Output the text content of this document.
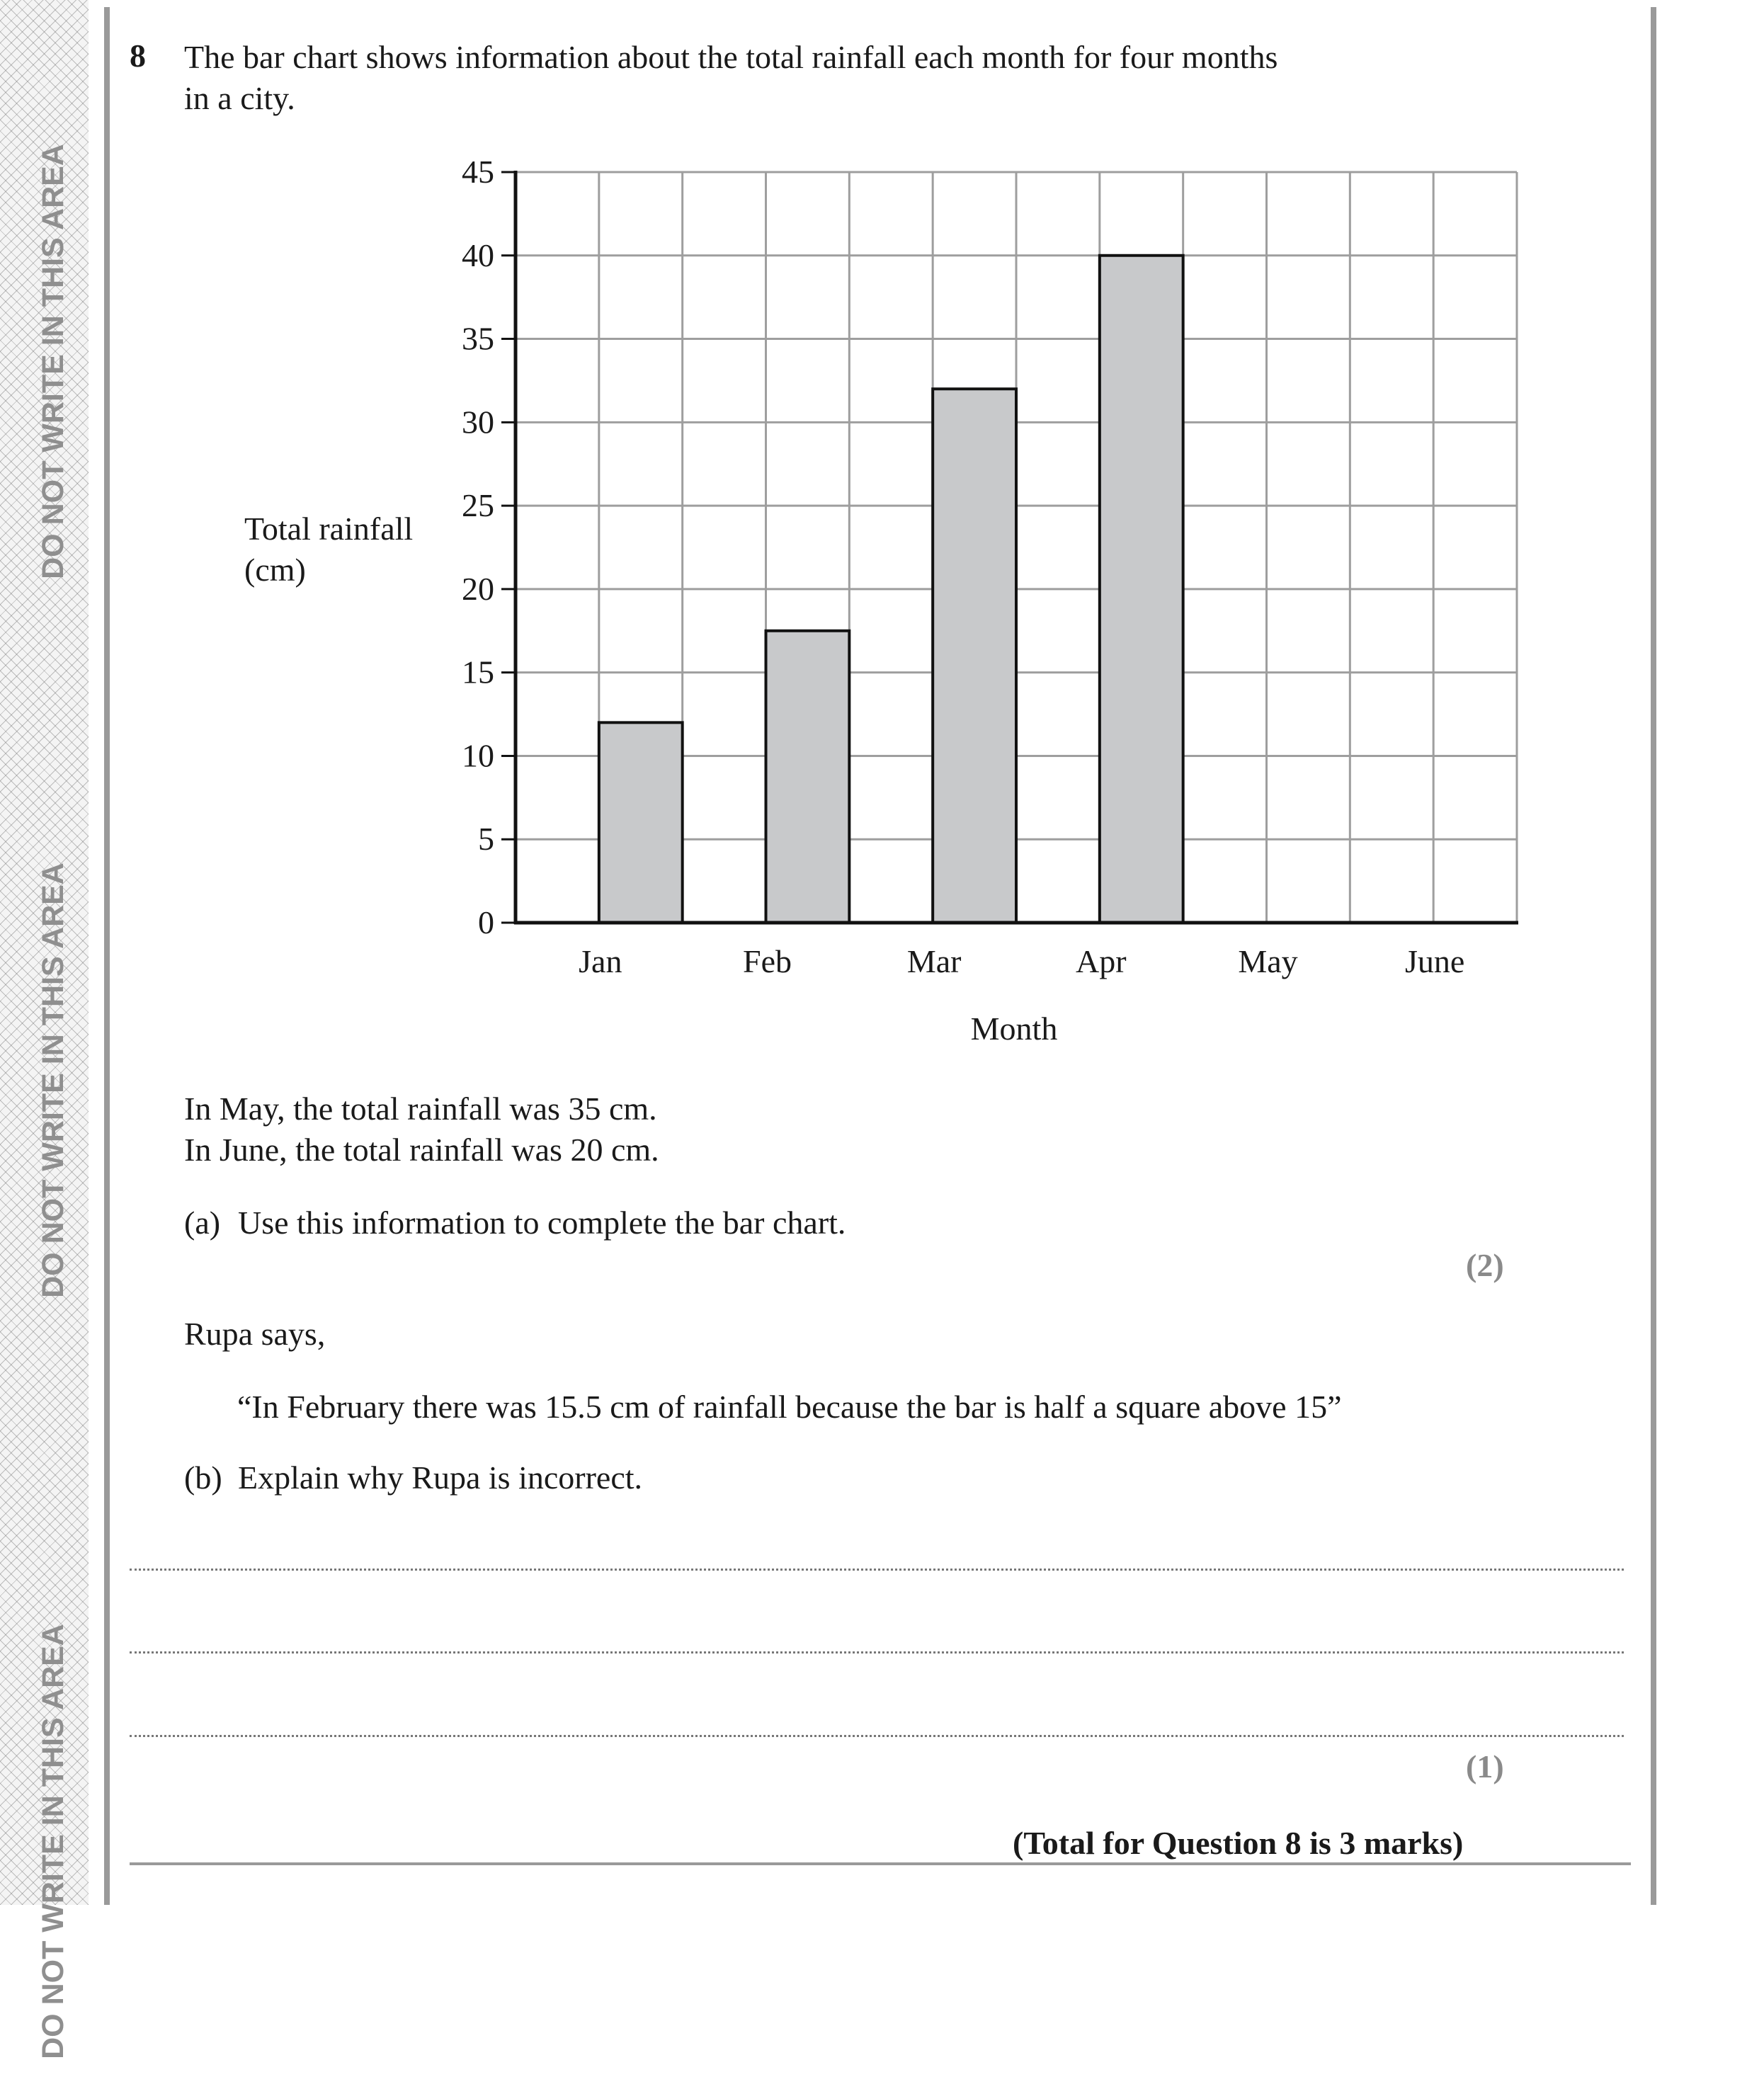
DO NOT WRITE IN THIS AREA
DO NOT WRITE IN THIS AREA
DO NOT WRITE IN THIS AREA
8 The bar chart shows information about the total rainfall each month for four months
in a city.
0
5
10
15
20
25
30
35
40
45
Jan	Feb	Mar	Apr	May	June
Month
Total rainfall
(cm)
In May, the total rainfall was 35 cm.
In June, the total rainfall was 20 cm.
(a) Use this information to complete the bar chart.
(2)
Rupa says,
“In February there was 15.5 cm of rainfall because the bar is half a square above 15”
(b) Explain why Rupa is incorrect.
(1)
(Total for Question 8 is 3 marks)
